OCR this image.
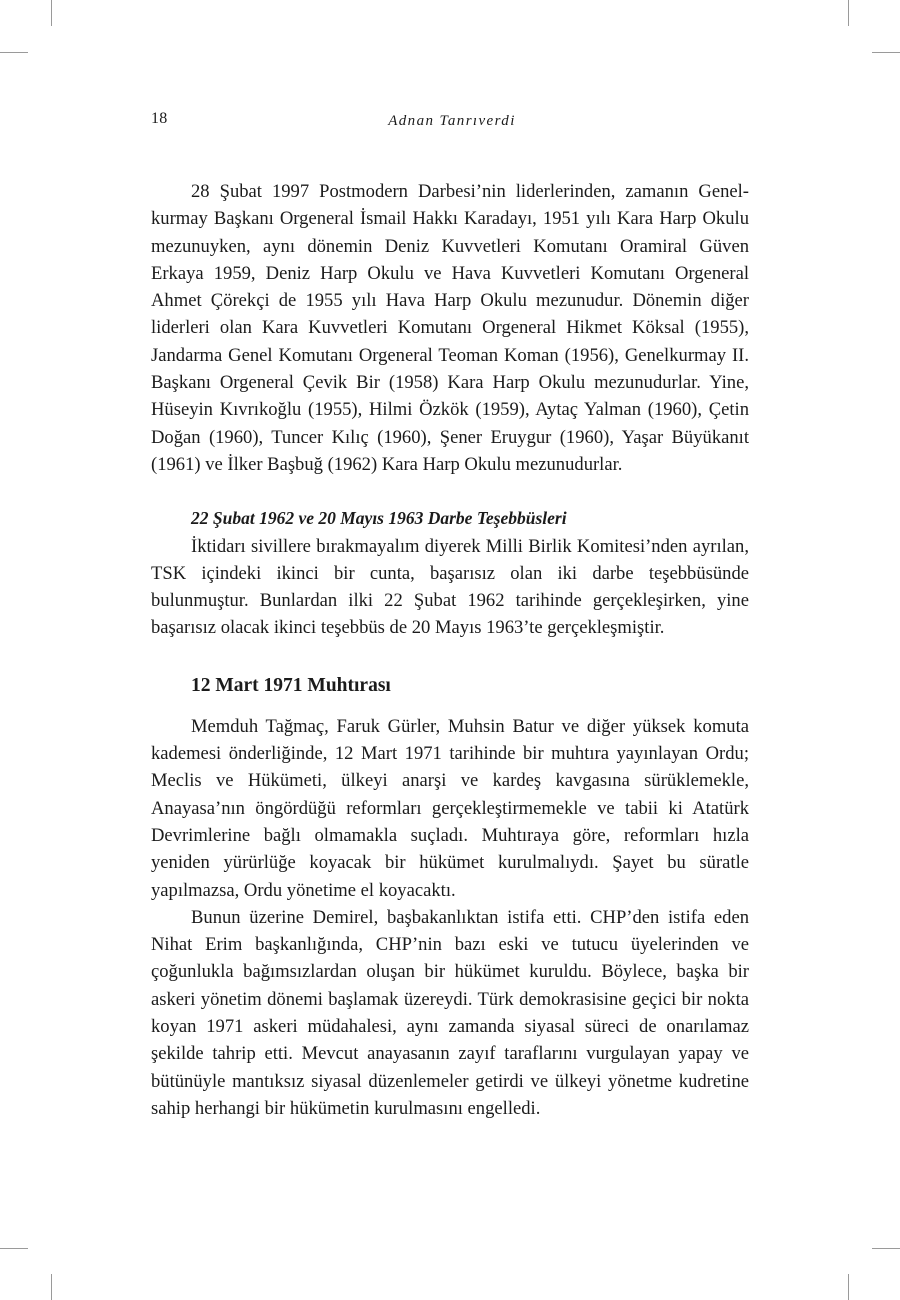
18	Adnan Tanrıverdi

28 Şubat 1997 Postmodern Darbesi’nin liderlerinden, zamanın Genelkurmay Başkanı Orgeneral İsmail Hakkı Karadayı, 1951 yılı Kara Harp Okulu mezunuyken, aynı dönemin Deniz Kuvvetleri Komutanı Oramiral Güven Erkaya 1959, Deniz Harp Okulu ve Hava Kuvvetleri Komutanı Orgeneral Ahmet Çörekçi de 1955 yılı Hava Harp Okulu mezunudur. Dönemin diğer liderleri olan Kara Kuvvetleri Komutanı Orgeneral Hikmet Köksal (1955), Jandarma Genel Komutanı Orgeneral Teoman Koman (1956), Genelkurmay II. Başkanı Orgeneral Çevik Bir (1958) Kara Harp Okulu mezunudurlar. Yine, Hüseyin Kıvrıkoğlu (1955), Hilmi Özkök (1959), Aytaç Yalman (1960), Çetin Doğan (1960), Tuncer Kılıç (1960), Şener Eruygur (1960), Yaşar Büyükanıt (1961) ve İlker Başbuğ (1962) Kara Harp Okulu mezunudurlar.

22 Şubat 1962 ve 20 Mayıs 1963 Darbe Teşebbüsleri

İktidarı sivillere bırakmayalım diyerek Milli Birlik Komitesi’nden ayrılan, TSK içindeki ikinci bir cunta, başarısız olan iki darbe teşebbüsünde bulunmuştur. Bunlardan ilki 22 Şubat 1962 tarihinde gerçekleşirken, yine başarısız olacak ikinci teşebbüs de 20 Mayıs 1963’te gerçekleşmiştir.

12 Mart 1971 Muhtırası

Memduh Tağmaç, Faruk Gürler, Muhsin Batur ve diğer yüksek komuta kademesi önderliğinde, 12 Mart 1971 tarihinde bir muhtıra yayınlayan Ordu; Meclis ve Hükümeti, ülkeyi anarşi ve kardeş kavgasına sürüklemekle, Anayasa’nın öngördüğü reformları gerçekleştirmemekle ve tabii ki Atatürk Devrimlerine bağlı olmamakla suçladı. Muhtıraya göre, reformları hızla yeniden yürürlüğe koyacak bir hükümet kurulmalıydı. Şayet bu süratle yapılmazsa, Ordu yönetime el koyacaktı.

Bunun üzerine Demirel, başbakanlıktan istifa etti. CHP’den istifa eden Nihat Erim başkanlığında, CHP’nin bazı eski ve tutucu üyelerinden ve çoğunlukla bağımsızlardan oluşan bir hükümet kuruldu. Böylece, başka bir askeri yönetim dönemi başlamak üzereydi. Türk demokrasisine geçici bir nokta koyan 1971 askeri müdahalesi, aynı zamanda siyasal süreci de onarılamaz şekilde tahrip etti. Mevcut anayasanın zayıf taraflarını vurgulayan yapay ve bütünüyle mantıksız siyasal düzenlemeler getirdi ve ülkeyi yönetme kudretine sahip herhangi bir hükümetin kurulmasını engelledi.
